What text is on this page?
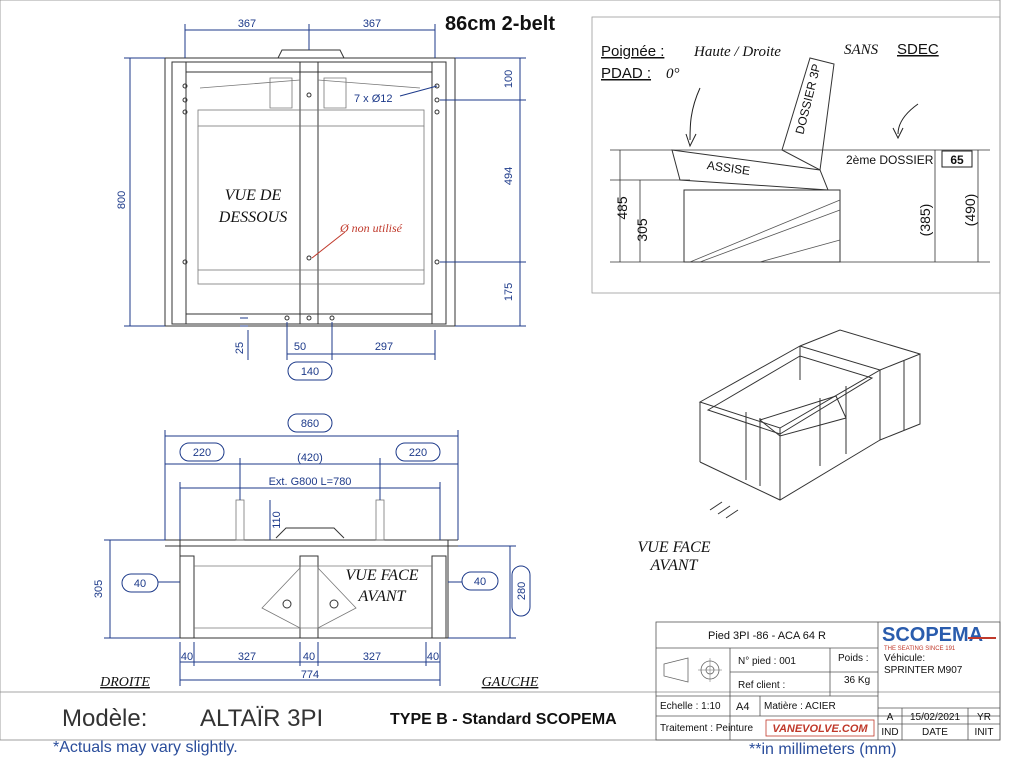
86cm 2-belt
367	367
800
100
494
175
25	50	297
140
7 x Ø12
Ø non utilisé
VUE DE
DESSOUS
Poignée : Haute / Droite	SANS SDEC
PDAD : 0°	DOSSIER 3P
ASSISE	2ème DOSSIER 65
485
305	(385) (490)
860
220	(420)	220
Ext. G800 L=780
110
40	40
305	280
40	327	40	327	40
774
VUE FACE
AVANT
DROITE	GAUCHE
VUE FACE
AVANT
Pied 3PI -86 - ACA 64 R	SCOPEMA
THE SEATING SINCE 191
N° pied : 001	Poids :
36 Kg
Véhicule:
SPRINTER M907
Ref client :
Echelle : 1:10 A4 Matière : ACIER
Traitement : Peinture VANEVOLVE.COM
A 15/02/2021 YR
IND DATE	INIT
Modèle: ALTAÏR 3PI	TYPE B - Standard SCOPEMA
*Actuals may vary slightly.	**in millimeters (mm)
